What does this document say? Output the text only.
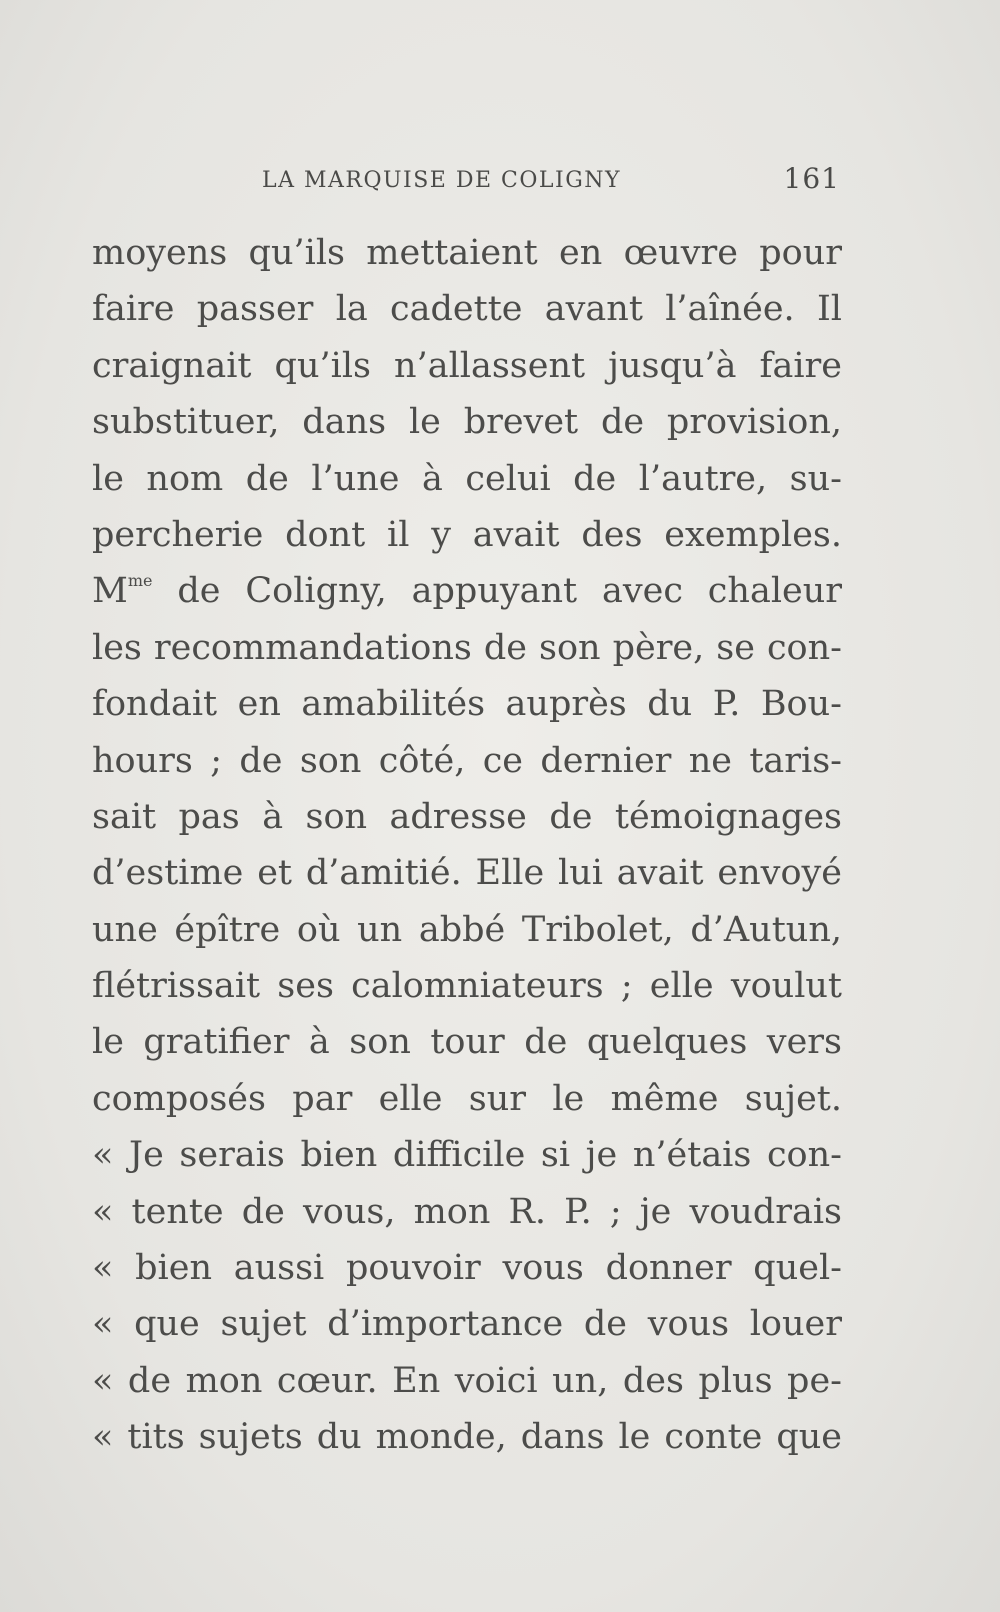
LA MARQUISE DE COLIGNY	161
moyens qu’ils mettaient en œuvre pour
faire passer la cadette avant l’aînée. Il
craignait qu’ils n’allassent jusqu’à faire
substituer, dans le brevet de provision,
le nom de l’une à celui de l’autre, su-
percherie dont il y avait des exemples.
$M^{me}$ de Coligny, appuyant avec chaleur
les recommandations de son père, se con-
fondait en amabilités auprès du P. Bou-
hours ; de son côté, ce dernier ne taris-
sait pas à son adresse de témoignages
d’estime et d’amitié. Elle lui avait envoyé
une épître où un abbé Tribolet, d’Autun,
flétrissait ses calomniateurs ; elle voulut
le gratifier à son tour de quelques vers
composés par elle sur le même sujet.
« Je serais bien difficile si je n’étais con-
« tente de vous, mon R. P. ; je voudrais
« bien aussi pouvoir vous donner quel-
« que sujet d’importance de vous louer
« de mon cœur. En voici un, des plus pe-
« tits sujets du monde, dans le conte que
